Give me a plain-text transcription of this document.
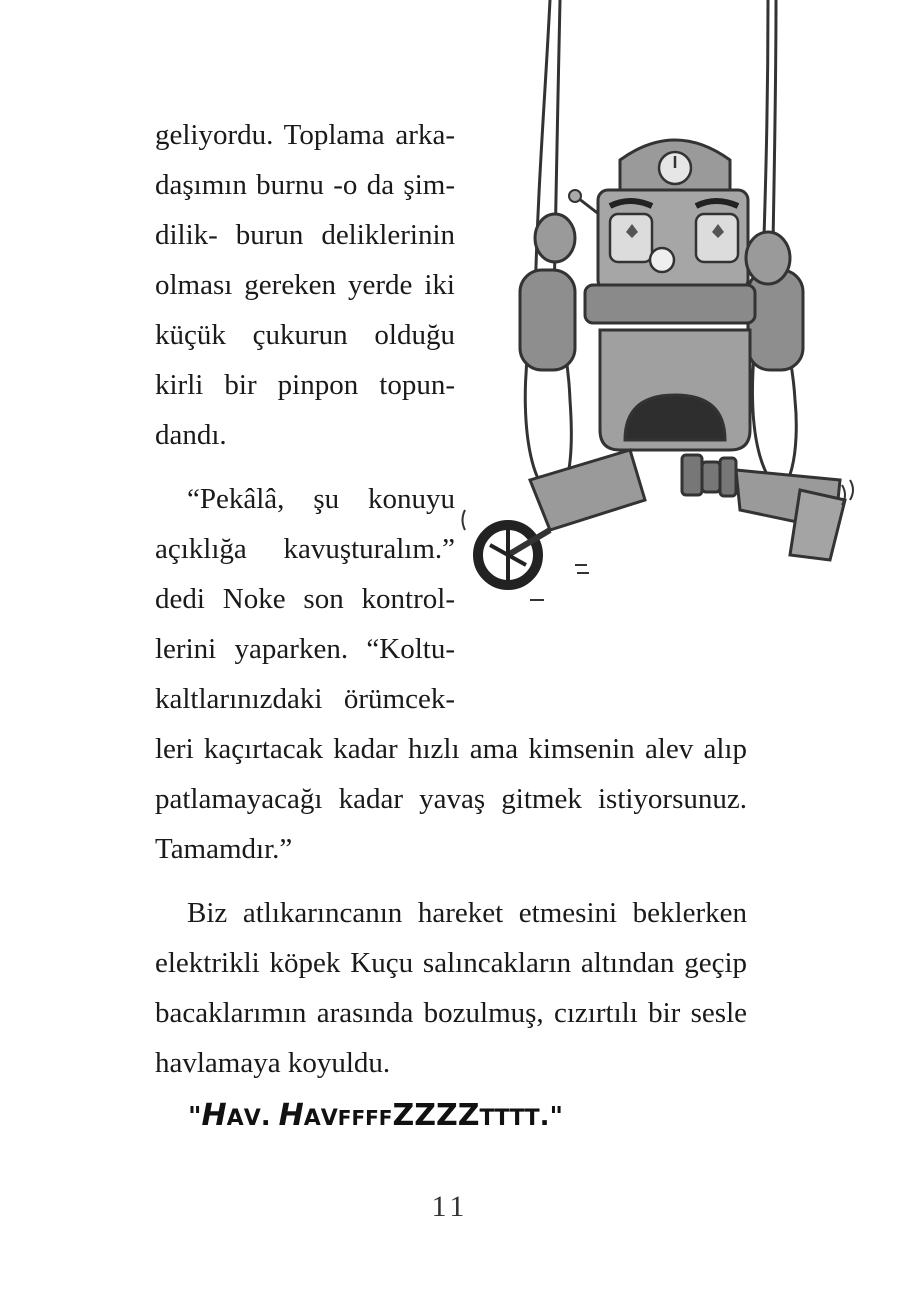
geliyordu. Toplama arka-
daşımın burnu -o da şim-
dilik- burun deliklerinin
olması gereken yerde iki
küçük çukurun olduğu
kirli bir pinpon topun-
dandı.
“Pekâlâ, şu konuyu
açıklığa kavuşturalım.”
dedi Noke son kontrol-
lerini yaparken. “Koltu-
kaltlarınızdaki örümcek-
leri kaçırtacak kadar hızlı ama kimsenin alev alıp
patlamayacağı kadar yavaş gitmek istiyorsunuz.
Tamamdır.”
Biz atlıkarıncanın hareket etmesini beklerken
elektrikli köpek Kuçu salıncakların altından geçip
bacaklarımın arasında bozulmuş, cızırtılı bir sesle
havlamaya koyuldu.
"HAV. HAVFFFFZZZZTTTT."
11
